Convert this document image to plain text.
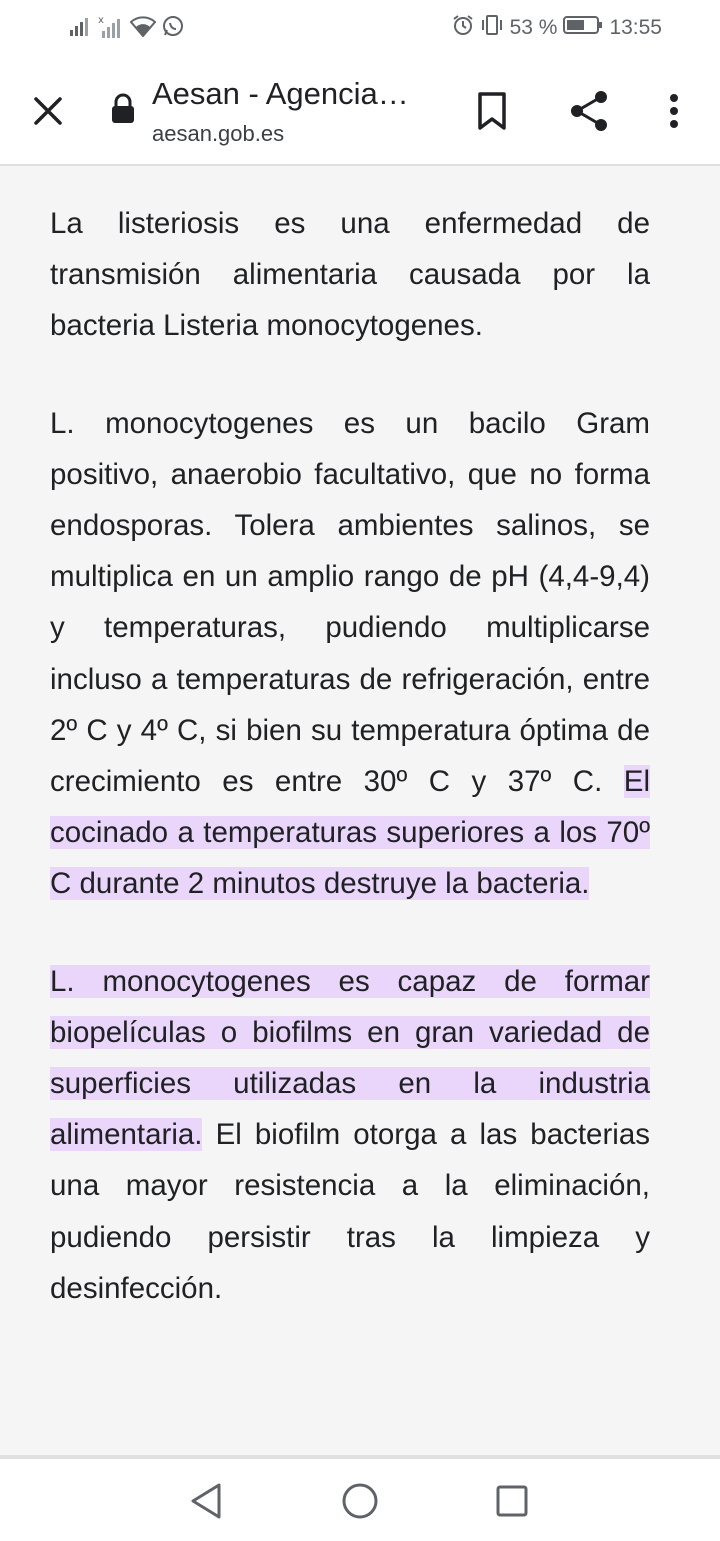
x	53 % 13:55
Aesan - Agencia…
aesan.gob.es

La listeriosis es una enfermedad de transmisión alimentaria causada por la bacteria Listeria monocytogenes.

L. monocytogenes es un bacilo Gram positivo, anaerobio facultativo, que no forma endosporas. Tolera ambientes salinos, se multiplica en un amplio rango de pH (4,4-9,4) y temperaturas, pudiendo multiplicarse incluso a temperaturas de refrigeración, entre 2º C y 4º C, si bien su temperatura óptima de crecimiento es entre 30º C y 37º C. El cocinado a temperaturas superiores a los 70º C durante 2 minutos destruye la bacteria.

L. monocytogenes es capaz de formar biopelículas o biofilms en gran variedad de superficies utilizadas en la industria alimentaria. El biofilm otorga a las bacterias una mayor resistencia a la eliminación, pudiendo persistir tras la limpieza y desinfección.
